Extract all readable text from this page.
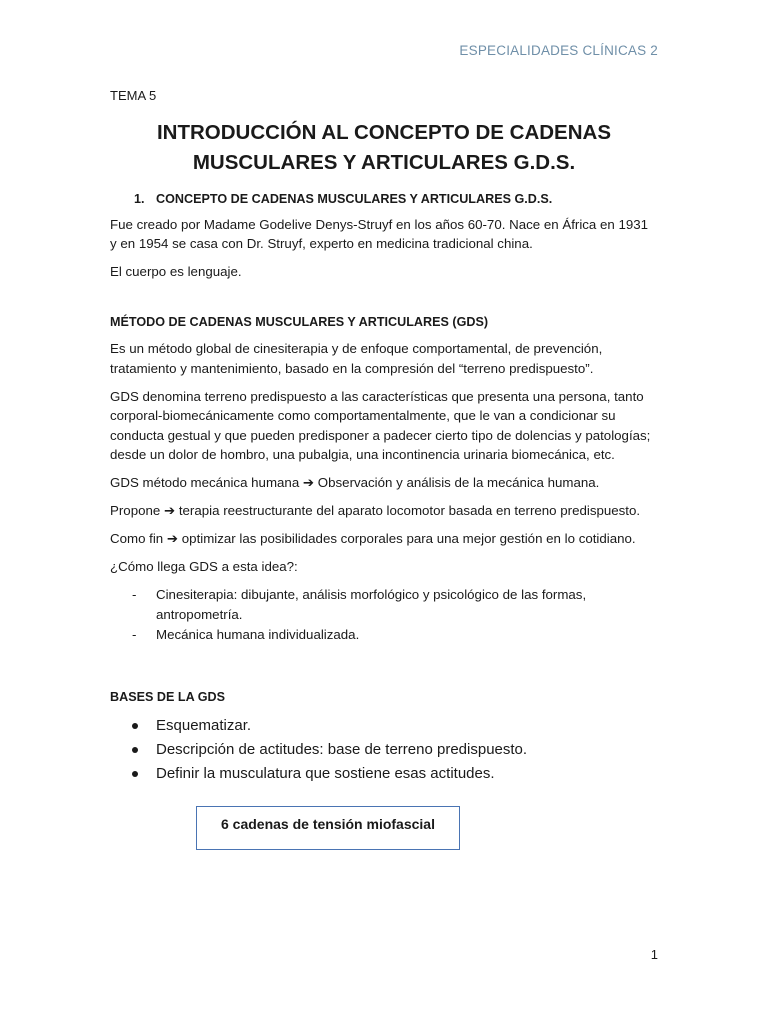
ESPECIALIDADES CLÍNICAS 2

TEMA 5

INTRODUCCIÓN AL CONCEPTO DE CADENAS
MUSCULARES Y ARTICULARES G.D.S.
1. CONCEPTO DE CADENAS MUSCULARES Y ARTICULARES G.D.S.

Fue creado por Madame Godelive Denys-Struyf en los años 60-70. Nace en África en 1931 y en 1954 se casa con Dr. Struyf, experto en medicina tradicional china.

El cuerpo es lenguaje.

MÉTODO DE CADENAS MUSCULARES Y ARTICULARES (GDS)

Es un método global de cinesiterapia y de enfoque comportamental, de prevención, tratamiento y mantenimiento, basado en la compresión del “terreno predispuesto”.

GDS denomina terreno predispuesto a las características que presenta una persona, tanto corporal-biomecánicamente como comportamentalmente, que le van a condicionar su conducta gestual y que pueden predisponer a padecer cierto tipo de dolencias y patologías; desde un dolor de hombro, una pubalgia, una incontinencia urinaria biomecánica, etc.

GDS método mecánica humana ➔ Observación y análisis de la mecánica humana.

Propone ➔ terapia reestructurante del aparato locomotor basada en terreno predispuesto.

Como fin ➔ optimizar las posibilidades corporales para una mejor gestión en lo cotidiano.

¿Cómo llega GDS a esta idea?:

- Cinesiterapia: dibujante, análisis morfológico y psicológico de las formas, antropometría.
- Mecánica humana individualizada.
BASES DE LA GDS
Esquematizar.
Descripción de actitudes: base de terreno predispuesto.
Definir la musculatura que sostiene esas actitudes.
6 cadenas de tensión miofascial
1
